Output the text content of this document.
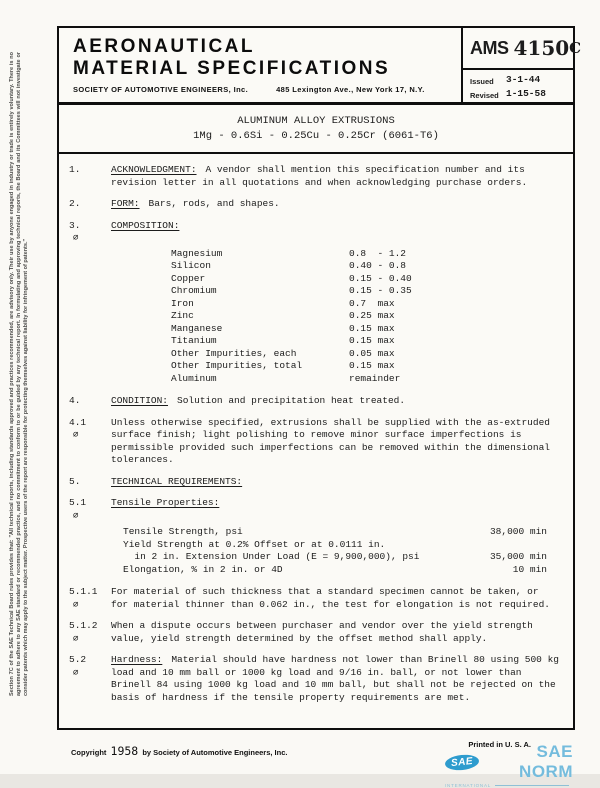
Section 7C of the SAE Technical Board rules provides that: "All technical reports, including standards approved and practices recommended, are advisory only. Their use by anyone engaged in industry or trade is entirely voluntary. There is no agreement to adhere to any SAE standard or recommended practice, and no commitment to conform to or be guided by any technical report. In formulating and approving technical reports, the Board and its Committees will not investigate or consider patents which may apply to the subject matter. Prospective users of the report are responsible for protecting themselves against liability for infringement of patents."
AERONAUTICAL
MATERIAL SPECIFICATIONS
SOCIETY OF AUTOMOTIVE ENGINEERS, Inc.	485 Lexington Ave., New York 17, N.Y.
AMS 4150 C
Issued	3-1-44
Revised 1-15-58
ALUMINUM ALLOY EXTRUSIONS
1Mg - 0.6Si - 0.25Cu - 0.25Cr (6061-T6)
1.	ACKNOWLEDGMENT: A vendor shall mention this specification number and its revision letter in all quotations and when acknowledging purchase orders.
2.	FORM: Bars, rods, and shapes.
3.
∅
COMPOSITION:
Magnesium	0.8  - 1.2
Silicon	0.40 - 0.8
Copper	0.15 - 0.40
Chromium	0.15 - 0.35
Iron	0.7  max
Zinc	0.25 max
Manganese	0.15 max
Titanium	0.15 max
Other Impurities, each	0.05 max
Other Impurities, total	0.15 max
Aluminum	remainder
4.	CONDITION: Solution and precipitation heat treated.
4.1
∅
Unless otherwise specified, extrusions shall be supplied with the as-extruded surface finish; light polishing to remove minor surface imperfections is permissible provided such imperfections can be removed within the dimensional tolerances.
5.	TECHNICAL REQUIREMENTS:
5.1
∅
Tensile Properties:
Tensile Strength, psi	38,000 min
Yield Strength at 0.2% Offset or at 0.0111 in.
in 2 in. Extension Under Load (E = 9,900,000), psi	35,000 min
Elongation, % in 2 in. or 4D	10 min
5.1.1
∅
For material of such thickness that a standard specimen cannot be taken, or for material thinner than 0.062 in., the test for elongation is not required.
5.1.2
∅
When a dispute occurs between purchaser and vendor over the yield strength value, yield strength determined by the offset method shall apply.
5.2
∅
Hardness: Material should have hardness not lower than Brinell 80 using 500 kg load and 10 mm ball or 1000 kg load and 9/16 in. ball, or not lower than Brinell 84 using 1000 kg load and 10 mm ball, but shall not be rejected on the basis of hardness if the tensile property requirements are met.
Copyright 1958 by Society of Automotive Engineers, Inc.
SAE
SAE NORM
INTERNATIONAL
Printed in U. S. A.
